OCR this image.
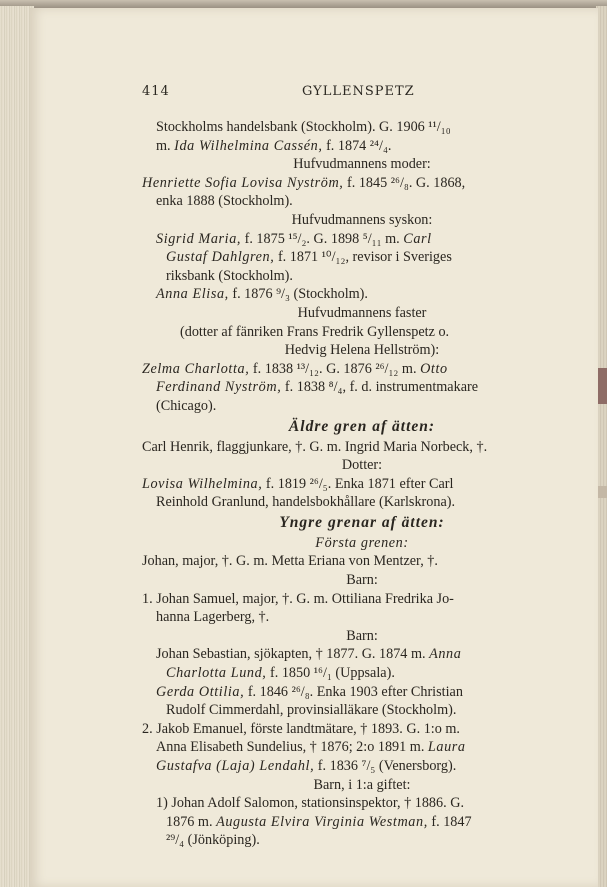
414	GYLLENSPETZ
Stockholms handelsbank (Stockholm). G. 1906 ¹¹/₁₀
m. Ida Wilhelmina Cassén, f. 1874 ²⁴/₄.
Hufvudmannens moder:
Henriette Sofia Lovisa Nyström, f. 1845 ²⁶/₈. G. 1868,
enka 1888 (Stockholm).
Hufvudmannens syskon:
Sigrid Maria, f. 1875 ¹⁵/₂. G. 1898 ⁵/₁₁ m. Carl
Gustaf Dahlgren, f. 1871 ¹⁰/₁₂, revisor i Sveriges
riksbank (Stockholm).
Anna Elisa, f. 1876 ⁹/₃ (Stockholm).
Hufvudmannens faster
(dotter af fänriken Frans Fredrik Gyllenspetz o.
Hedvig Helena Hellström):
Zelma Charlotta, f. 1838 ¹³/₁₂. G. 1876 ²⁶/₁₂ m. Otto
Ferdinand Nyström, f. 1838 ⁸/₄, f. d. instrumentmakare
(Chicago).
Äldre gren af ätten:
Carl Henrik, flaggjunkare, †. G. m. Ingrid Maria Norbeck, †.
Dotter:
Lovisa Wilhelmina, f. 1819 ²⁶/₅. Enka 1871 efter Carl
Reinhold Granlund, handelsbokhållare (Karlskrona).
Yngre grenar af ätten:
Första grenen:
Johan, major, †. G. m. Metta Eriana von Mentzer, †.
Barn:
1. Johan Samuel, major, †. G. m. Ottiliana Fredrika Jo-
hanna Lagerberg, †.
Barn:
Johan Sebastian, sjökapten, † 1877. G. 1874 m. Anna
Charlotta Lund, f. 1850 ¹⁶/₁ (Uppsala).
Gerda Ottilia, f. 1846 ²⁶/₈. Enka 1903 efter Christian
Rudolf Cimmerdahl, provinsialläkare (Stockholm).
2. Jakob Emanuel, förste landtmätare, † 1893. G. 1:o m.
Anna Elisabeth Sundelius, † 1876; 2:o 1891 m. Laura
Gustafva (Laja) Lendahl, f. 1836 ⁷/₅ (Venersborg).
Barn, i 1:a giftet:
1) Johan Adolf Salomon, stationsinspektor, † 1886. G.
1876 m. Augusta Elvira Virginia Westman, f. 1847
²⁹/₄ (Jönköping).
